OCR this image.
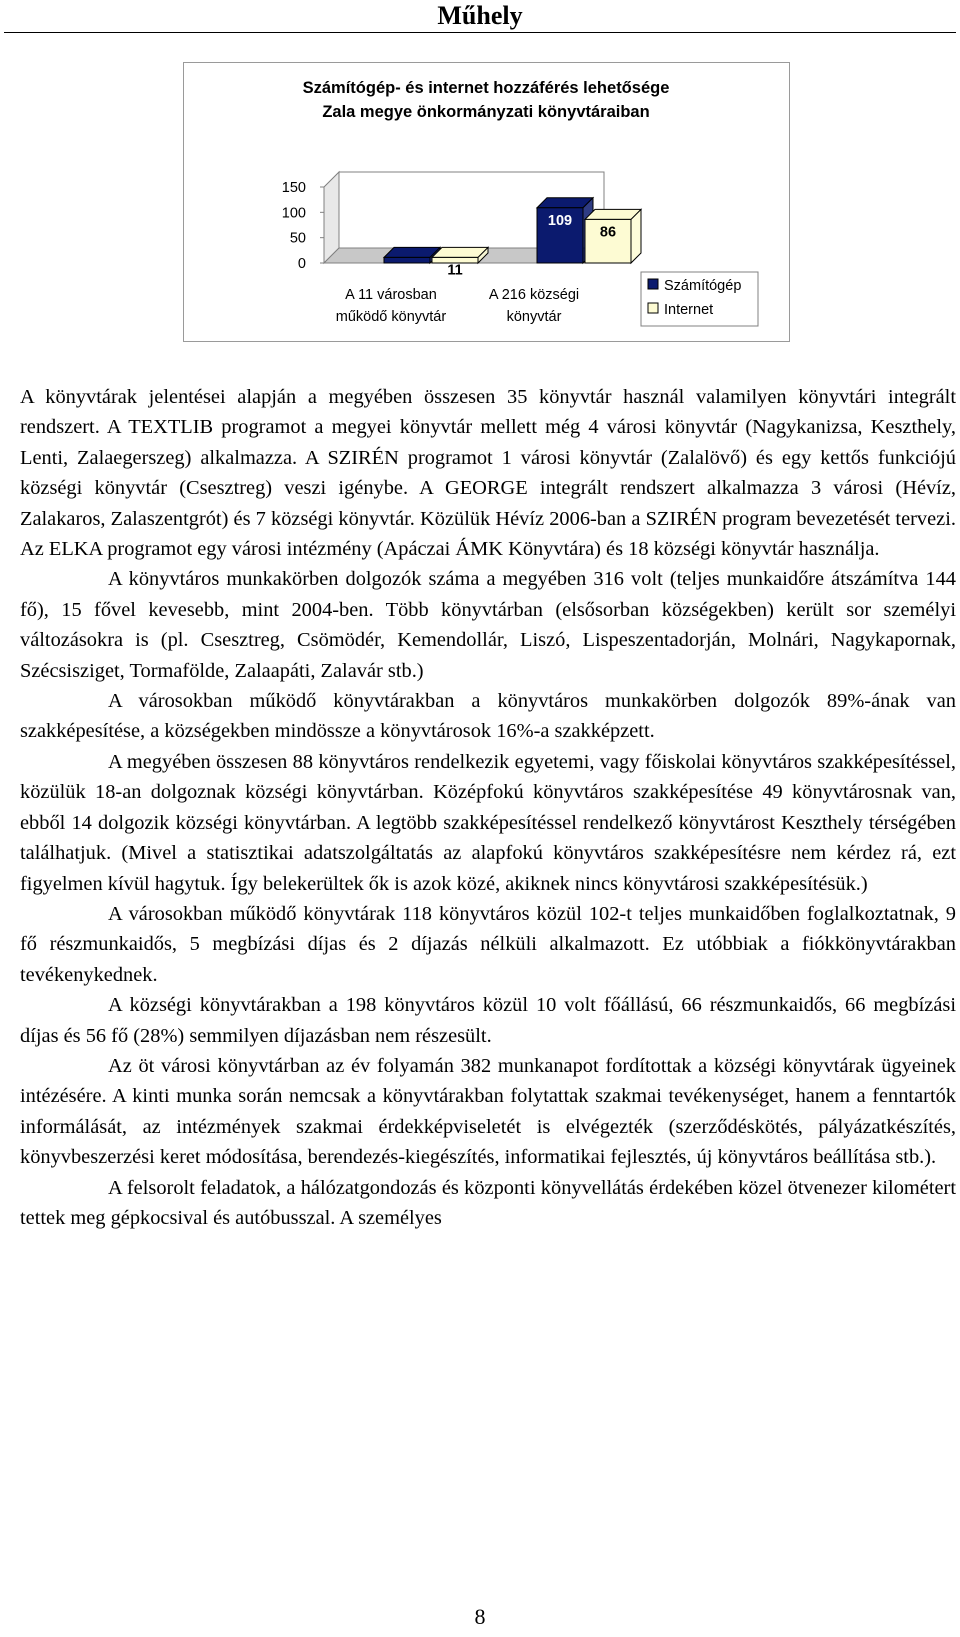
Műhely
Számítógép- és internet hozzáférés lehetősége
Zala megye önkormányzati könyvtáraiban
0
50
100
150
11 11
109
86
A 11 városban
működő könyvtár
A 216 községi
könyvtár
Számítógép
Internet

A könyvtárak jelentései alapján a megyében összesen 35 könyvtár használ valamilyen könyvtári integrált rendszert. A TEXTLIB programot a megyei könyvtár mellett még 4 városi könyvtár (Nagykanizsa, Keszthely, Lenti, Zalaegerszeg) alkalmazza. A SZIRÉN programot 1 városi könyvtár (Zalalövő) és egy kettős funkciójú községi könyvtár (Csesztreg) veszi igénybe. A GEORGE integrált rendszert alkalmazza 3 városi (Hévíz, Zalakaros, Zalaszentgrót) és 7 községi könyvtár. Közülük Hévíz 2006-ban a SZIRÉN program bevezetését tervezi. Az ELKA programot egy városi intézmény (Apáczai ÁMK Könyvtára) és 18 községi könyvtár használja.

A könyvtáros munkakörben dolgozók száma a megyében 316 volt (teljes munkaidőre átszámítva 144 fő), 15 fővel kevesebb, mint 2004-ben. Több könyvtárban (elsősorban községekben) került sor személyi változásokra is (pl. Csesztreg, Csömödér, Kemendollár, Liszó, Lispeszentadorján, Molnári, Nagykapornak, Szécsisziget, Tormafölde, Zalaapáti, Zalavár stb.)

A városokban működő könyvtárakban a könyvtáros munkakörben dolgozók 89%-ának van szakképesítése, a községekben mindössze a könyvtárosok 16%-a szakképzett.

A megyében összesen 88 könyvtáros rendelkezik egyetemi, vagy főiskolai könyvtáros szakképesítéssel, közülük 18-an dolgoznak községi könyvtárban. Középfokú könyvtáros szakképesítése 49 könyvtárosnak van, ebből 14 dolgozik községi könyvtárban. A legtöbb szakképesítéssel rendelkező könyvtárost Keszthely térségében találhatjuk. (Mivel a statisztikai adatszolgáltatás az alapfokú könyvtáros szakképesítésre nem kérdez rá, ezt figyelmen kívül hagytuk. Így belekerültek ők is azok közé, akiknek nincs könyvtárosi szakképesítésük.)

A városokban működő könyvtárak 118 könyvtáros közül 102-t teljes munkaidőben foglalkoztatnak, 9 fő részmunkaidős, 5 megbízási díjas és 2 díjazás nélküli alkalmazott. Ez utóbbiak a fiókkönyvtárakban tevékenykednek.

A községi könyvtárakban a 198 könyvtáros közül 10 volt főállású, 66 részmunkaidős, 66 megbízási díjas és 56 fő (28%) semmilyen díjazásban nem részesült.

Az öt városi könyvtárban az év folyamán 382 munkanapot fordítottak a községi könyvtárak ügyeinek intézésére. A kinti munka során nemcsak a könyvtárakban folytattak szakmai tevékenységet, hanem a fenntartók informálását, az intézmények szakmai érdekképviseletét is elvégezték (szerződéskötés, pályázatkészítés, könyvbeszerzési keret módosítása, berendezés-kiegészítés, informatikai fejlesztés, új könyvtáros beállítása stb.).

A felsorolt feladatok, a hálózatgondozás és központi könyvellátás érdekében közel ötvenezer kilométert tettek meg gépkocsival és autóbusszal. A személyes

8
